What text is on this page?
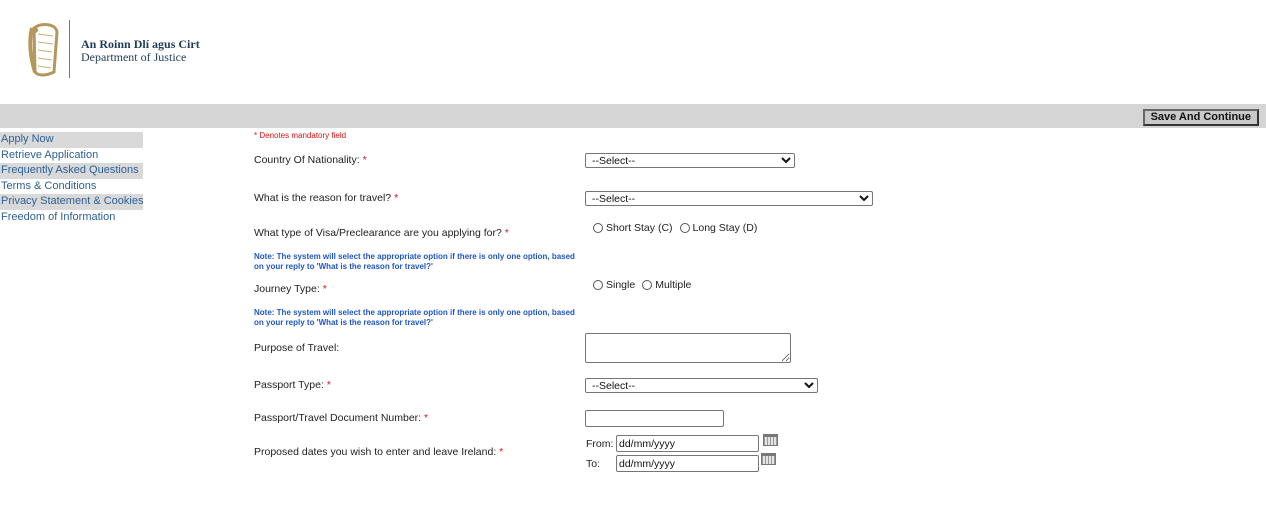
An Roinn Dlí agus Cirt
Department of Justice
Save And Continue
Apply Now
Retrieve Application
Frequently Asked Questions
Terms & Conditions
Privacy Statement & Cookies
Freedom of Information
* Denotes mandatory field
Country Of Nationality: *
--Select--
What is the reason for travel? *
--Select--
What type of Visa/Preclearance are you applying for? *	Short Stay (C) Long Stay (D)
Note: The system will select the appropriate option if there is only one option, based on your reply to 'What is the reason for travel?'
Journey Type: *	Single Multiple
Note: The system will select the appropriate option if there is only one option, based on your reply to 'What is the reason for travel?'
Purpose of Travel:
Passport Type: *
--Select--
Passport/Travel Document Number: *
Proposed dates you wish to enter and leave Ireland: *
From:
dd/mm/yyyy
To:
dd/mm/yyyy
